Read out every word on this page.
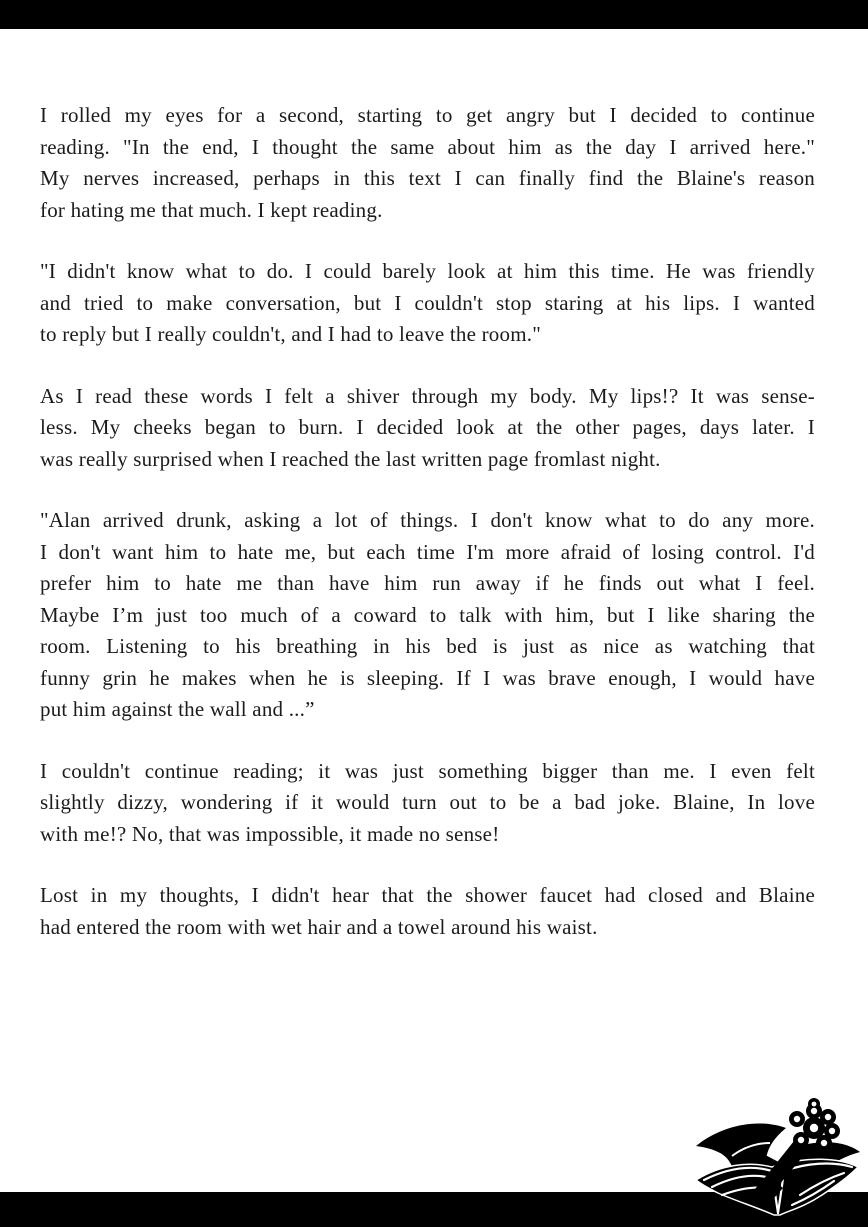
I rolled my eyes for a second, starting to get angry but I decided to continue
reading. "In the end, I thought the same about him as the day I arrived here."
My nerves increased, perhaps in this text I can finally find the Blaine's reason
for hating me that much. I kept reading.
"I didn't know what to do. I could barely look at him this time. He was friendly
and tried to make conversation, but I couldn't stop staring at his lips. I wanted
to reply but I really couldn't, and I had to leave the room."
As I read these words I felt a shiver through my body. My lips!? It was sense-
less. My cheeks began to burn. I decided look at the other pages, days later. I
was really surprised when I reached the last written page fromlast night.
"Alan arrived drunk, asking a lot of things. I don't know what to do any more.
I don't want him to hate me, but each time I'm more afraid of losing control. I'd
prefer him to hate me than have him run away if he finds out what I feel.
Maybe I’m just too much of a coward to talk with him, but I like sharing the
room. Listening to his breathing in his bed is just as nice as watching that
funny grin he makes when he is sleeping. If I was brave enough, I would have
put him against the wall and ...”
I couldn't continue reading; it was just something bigger than me. I even felt
slightly dizzy, wondering if it would turn out to be a bad joke. Blaine, In love
with me!? No, that was impossible, it made no sense!
Lost in my thoughts, I didn't hear that the shower faucet had closed and Blaine
had entered the room with wet hair and a towel around his waist.
